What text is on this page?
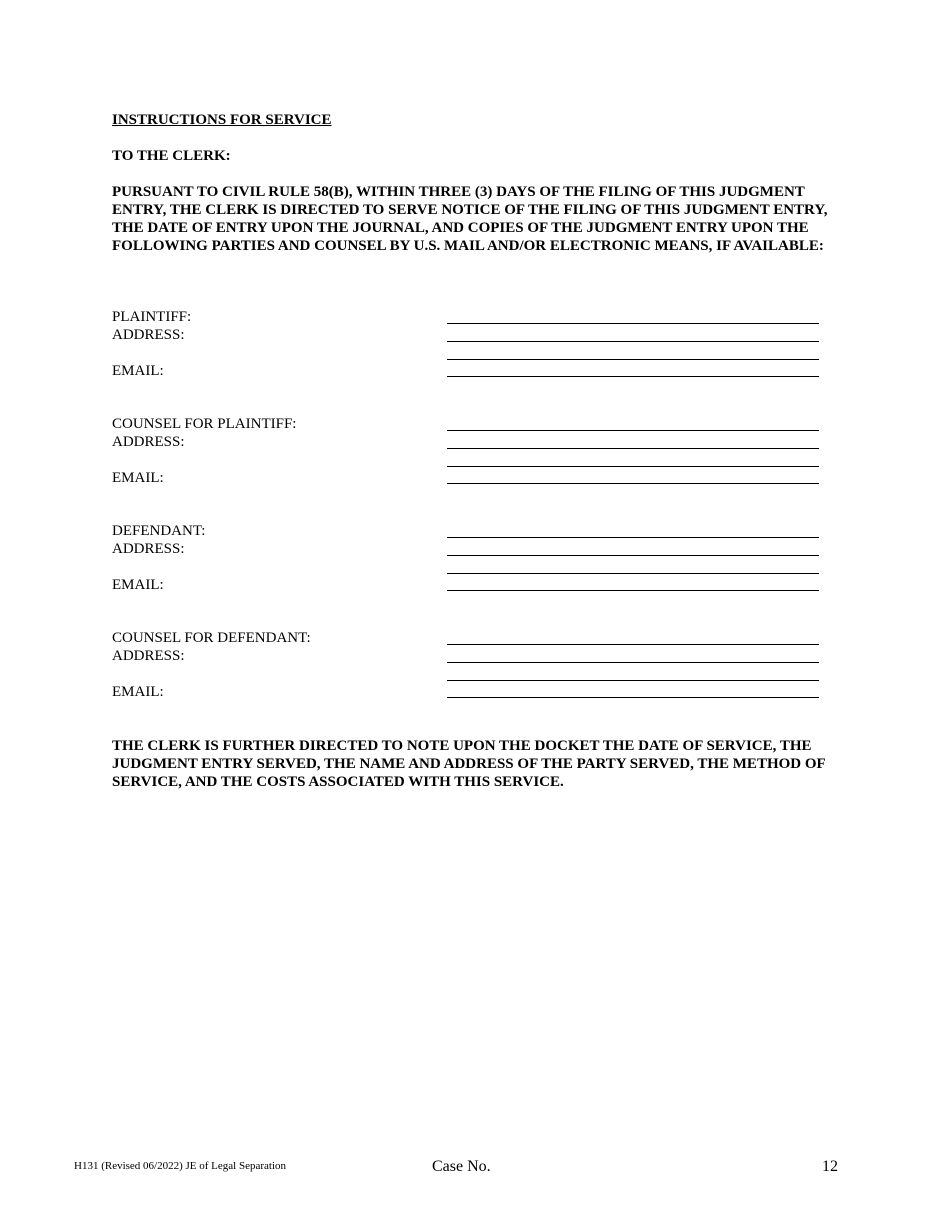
INSTRUCTIONS FOR SERVICE
TO THE CLERK:
PURSUANT TO CIVIL RULE 58(B), WITHIN THREE (3) DAYS OF THE FILING OF THIS JUDGMENT ENTRY, THE CLERK IS DIRECTED TO SERVE NOTICE OF THE FILING OF THIS JUDGMENT ENTRY, THE DATE OF ENTRY UPON THE JOURNAL, AND COPIES OF THE JUDGMENT ENTRY UPON THE FOLLOWING PARTIES AND COUNSEL BY U.S. MAIL AND/OR ELECTRONIC MEANS, IF AVAILABLE:
PLAINTIFF:
ADDRESS:
EMAIL:
COUNSEL FOR PLAINTIFF:
ADDRESS:
EMAIL:
DEFENDANT:
ADDRESS:
EMAIL:
COUNSEL FOR DEFENDANT:
ADDRESS:
EMAIL:
THE CLERK IS FURTHER DIRECTED TO NOTE UPON THE DOCKET THE DATE OF SERVICE, THE JUDGMENT ENTRY SERVED, THE NAME AND ADDRESS OF THE PARTY SERVED, THE METHOD OF SERVICE, AND THE COSTS ASSOCIATED WITH THIS SERVICE.
H131 (Revised 06/2022) JE of Legal Separation	Case No.	12
